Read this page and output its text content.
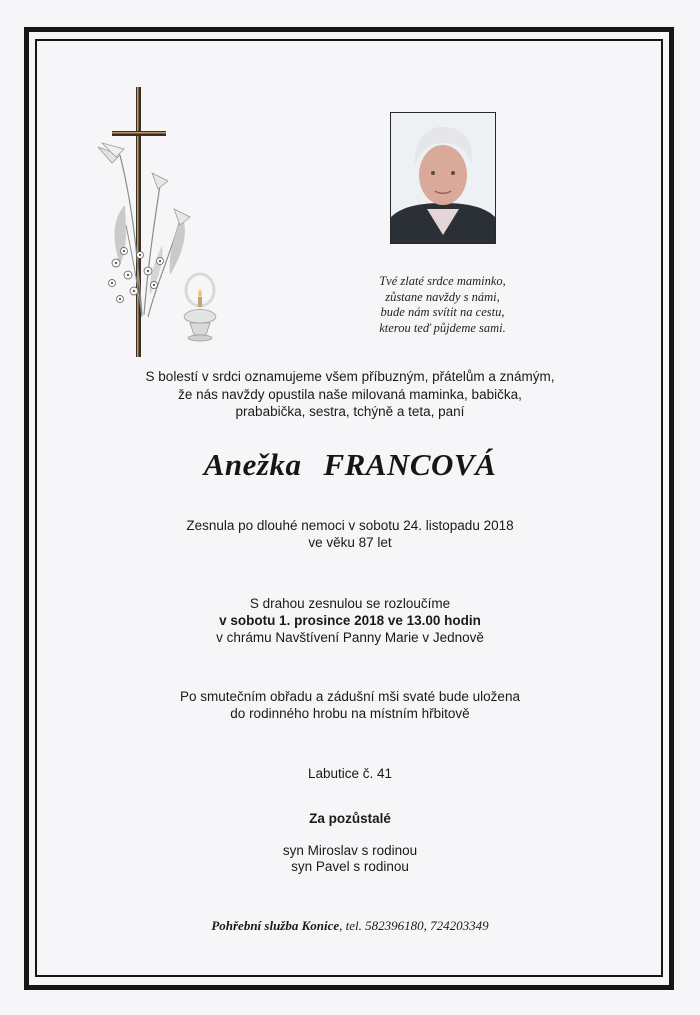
Tvé zlaté srdce maminko,
zůstane navždy s námi,
bude nám svítit na cestu,
kterou teď půjdeme sami.
S bolestí v srdci oznamujeme všem příbuzným, přátelům a známým,
že nás navždy opustila naše milovaná maminka, babička,
prababička, sestra, tchýně a teta, paní
Anežka FRANCOVÁ
Zesnula po dlouhé nemoci v sobotu 24. listopadu 2018
ve věku 87 let
S drahou zesnulou se rozloučíme
v sobotu 1. prosince 2018 ve 13.00 hodin
v chrámu Navštívení Panny Marie v Jednově
Po smutečním obřadu a zádušní mši svaté bude uložena
do rodinného hrobu na místním hřbitově
Labutice č. 41
Za pozůstalé
syn Miroslav s rodinou
syn Pavel s rodinou
Pohřební služba Konice, tel. 582396180, 724203349
